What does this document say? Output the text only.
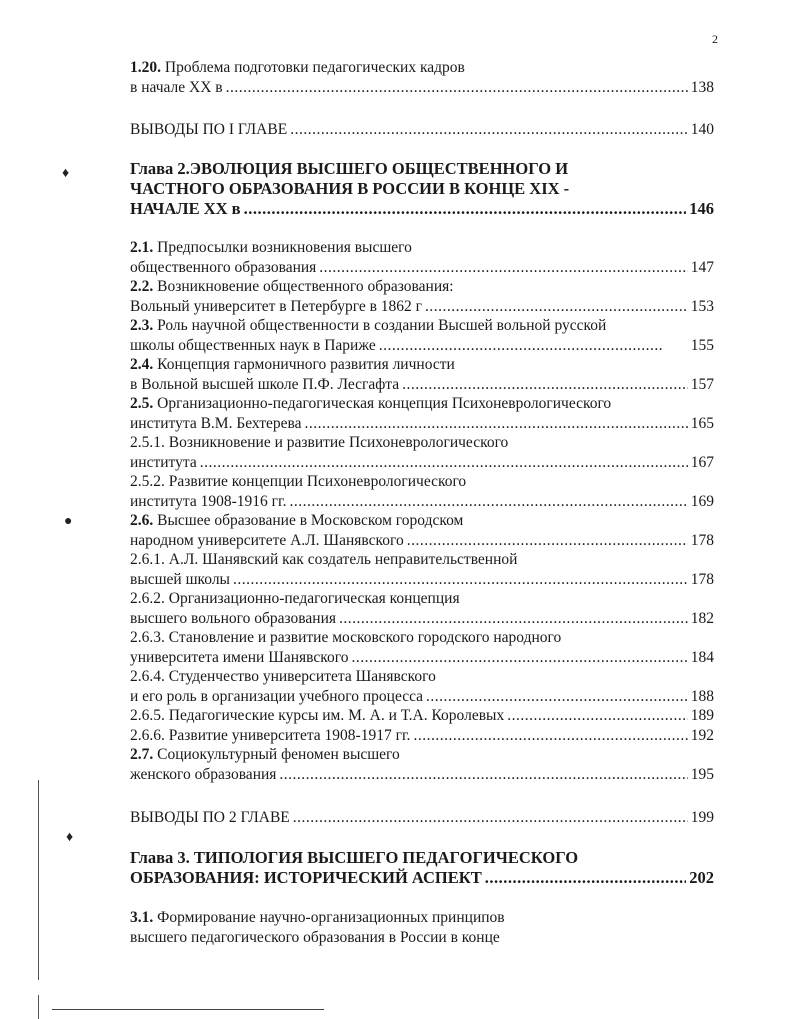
2
1.20. Проблема подготовки педагогических кадров
в начале ХХ в .....	138
ВЫВОДЫ ПО I ГЛАВЕ .....	140
Глава 2.ЭВОЛЮЦИЯ ВЫСШЕГО ОБЩЕСТВЕННОГО И
ЧАСТНОГО ОБРАЗОВАНИЯ В РОССИИ В КОНЦЕ XIX -
НАЧАЛЕ ХХ в .....	146
2.1. Предпосылки возникновения высшего
общественного образования .....	147
2.2. Возникновение общественного образования:
Вольный университет в Петербурге в 1862 г .....	153
2.3. Роль научной общественности в создании Высшей вольной русской
школы общественных наук в Париже .....	155
2.4. Концепция гармоничного развития личности
в Вольной высшей школе П.Ф. Лесгафта .....	157
2.5. Организационно-педагогическая концепция Психоневрологического
института В.М. Бехтерева .....	165
2.5.1. Возникновение и развитие Психоневрологического
института .....	167
2.5.2. Развитие концепции Психоневрологического
института 1908-1916 гг. .....	169
2.6. Высшее образование в Московском городском
народном университете А.Л. Шанявского .....	178
2.6.1. А.Л. Шанявский как создатель неправительственной
высшей школы .....	178
2.6.2. Организационно-педагогическая концепция
высшего вольного образования .....	182
2.6.3. Становление и развитие московского городского народного
университета имени Шанявского .....	184
2.6.4. Студенчество университета Шанявского
и его роль в организации учебного процесса .....	188
2.6.5. Педагогические курсы им. М. А. и Т.А. Королевых .....	189
2.6.6. Развитие университета 1908-1917 гг. .....	192
2.7. Социокультурный феномен высшего
женского образования .....	195
ВЫВОДЫ ПО 2 ГЛАВЕ .....	199
Глава 3. ТИПОЛОГИЯ ВЫСШЕГО ПЕДАГОГИЧЕСКОГО
ОБРАЗОВАНИЯ: ИСТОРИЧЕСКИЙ АСПЕКТ .....	202
3.1. Формирование научно-организационных принципов
высшего педагогического образования в России в конце
♦
●
♦
